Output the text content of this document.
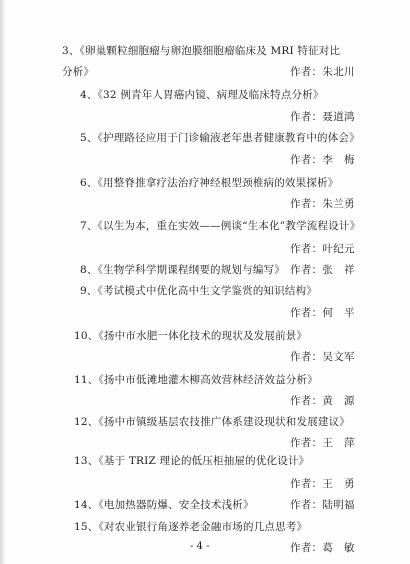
3、《卵巢颗粒细胞瘤与卵泡膜细胞瘤临床及 MRI 特征对比
分析》	作者：朱北川
4、《32 例青年人胃癌内镜、病理及临床特点分析》
作者：聂道鸿
5、《护理路径应用于门诊输液老年患者健康教育中的体会》
作者：李　梅
6、《用整脊推拿疗法治疗神经根型颈椎病的效果探析》
作者：朱兰勇
7、《以生为本，重在实效——例谈“生本化”教学流程设计》
作者：叶纪元
8、《生物学科学期课程纲要的规划与编写》 作者：张　祥
9、《考试模式中优化高中生文学鉴赏的知识结构》
作者：何　平
10、《扬中市水肥一体化技术的现状及发展前景》
作者：吴文军
11、《扬中市低滩地灌木柳高效营林经济效益分析》
作者：黄　源
12、《扬中市镇级基层农技推广体系建设现状和发展建议》
作者：王　萍
13、《基于 TRIZ 理论的低压柜抽屉的优化设计》
作者：王　勇
14、《电加热器防爆、安全技术浅析》	作者：陆明福
15、《对农业银行角逐养老金融市场的几点思考》
作者：葛　敏
- 4 -
